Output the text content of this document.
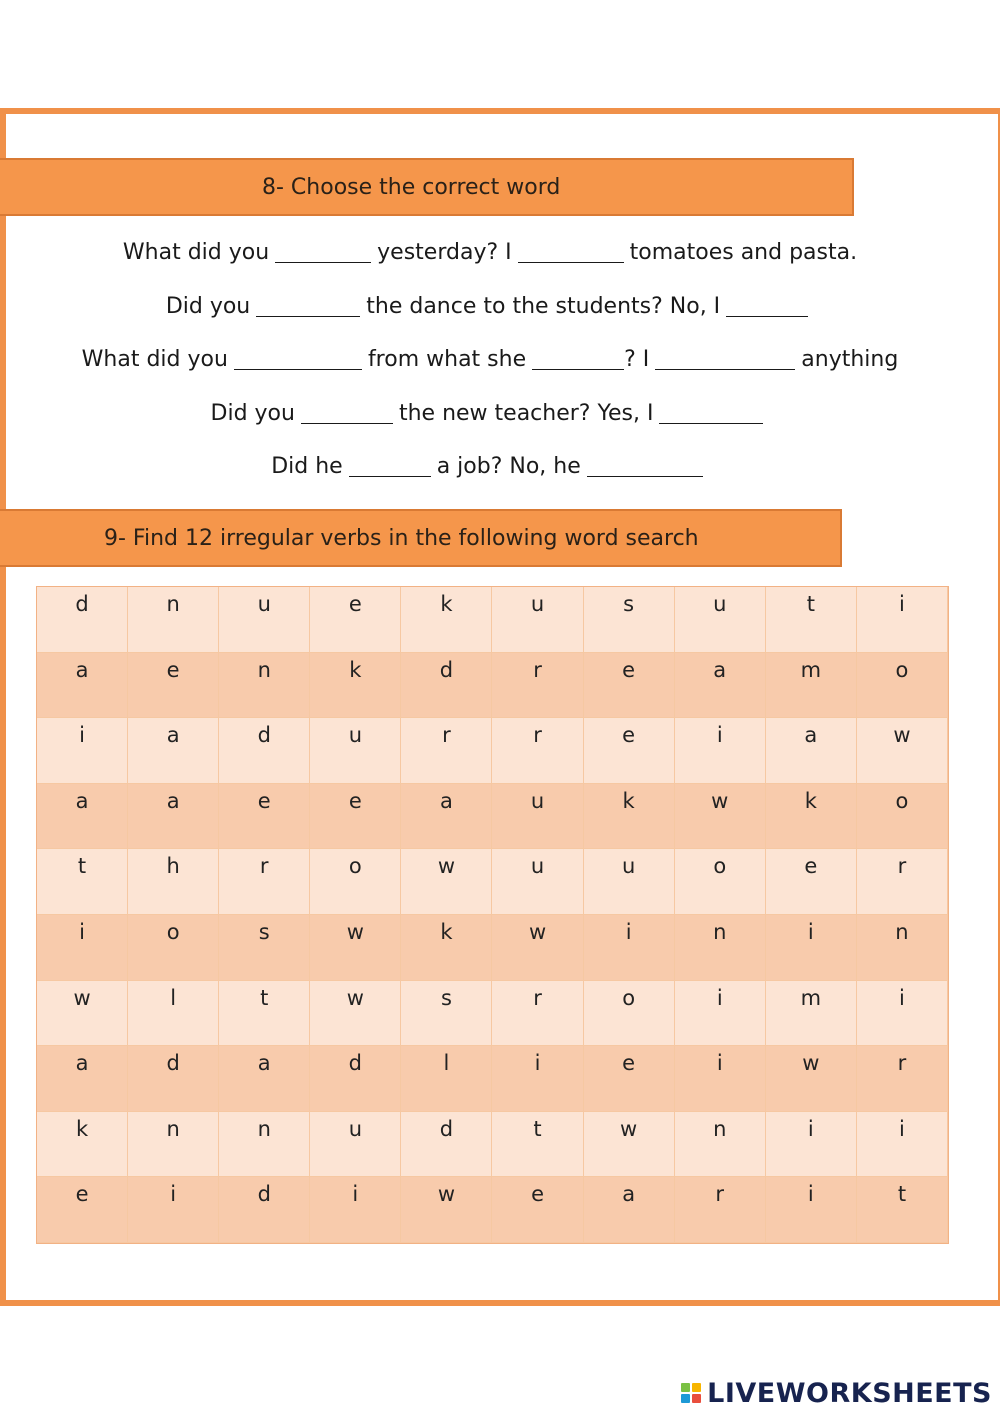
8- Choose the correct word
What did you	yesterday? I	tomatoes and pasta.
Did you	the dance to the students? No, I
What did you	from what she	? I	anything
Did you	the new teacher? Yes, I
Did he	a job? No, he
9- Find 12 irregular verbs in the following word search
d	n	u	e	k	u	s	u	t	i
a	e	n	k	d	r	e	a	m	o
i	a	d	u	r	r	e	i	a	w
a	a	e	e	a	u	k	w	k	o
t	h	r	o	w	u	u	o	e	r
i	o	s	w	k	w	i	n	i	n
w	l	t	w	s	r	o	i	m	i
a	d	a	d	l	i	e	i	w	r
k	n	n	u	d	t	w	n	i	i
e	i	d	i	w	e	a	r	i	t
LIVEWORKSHEETS
